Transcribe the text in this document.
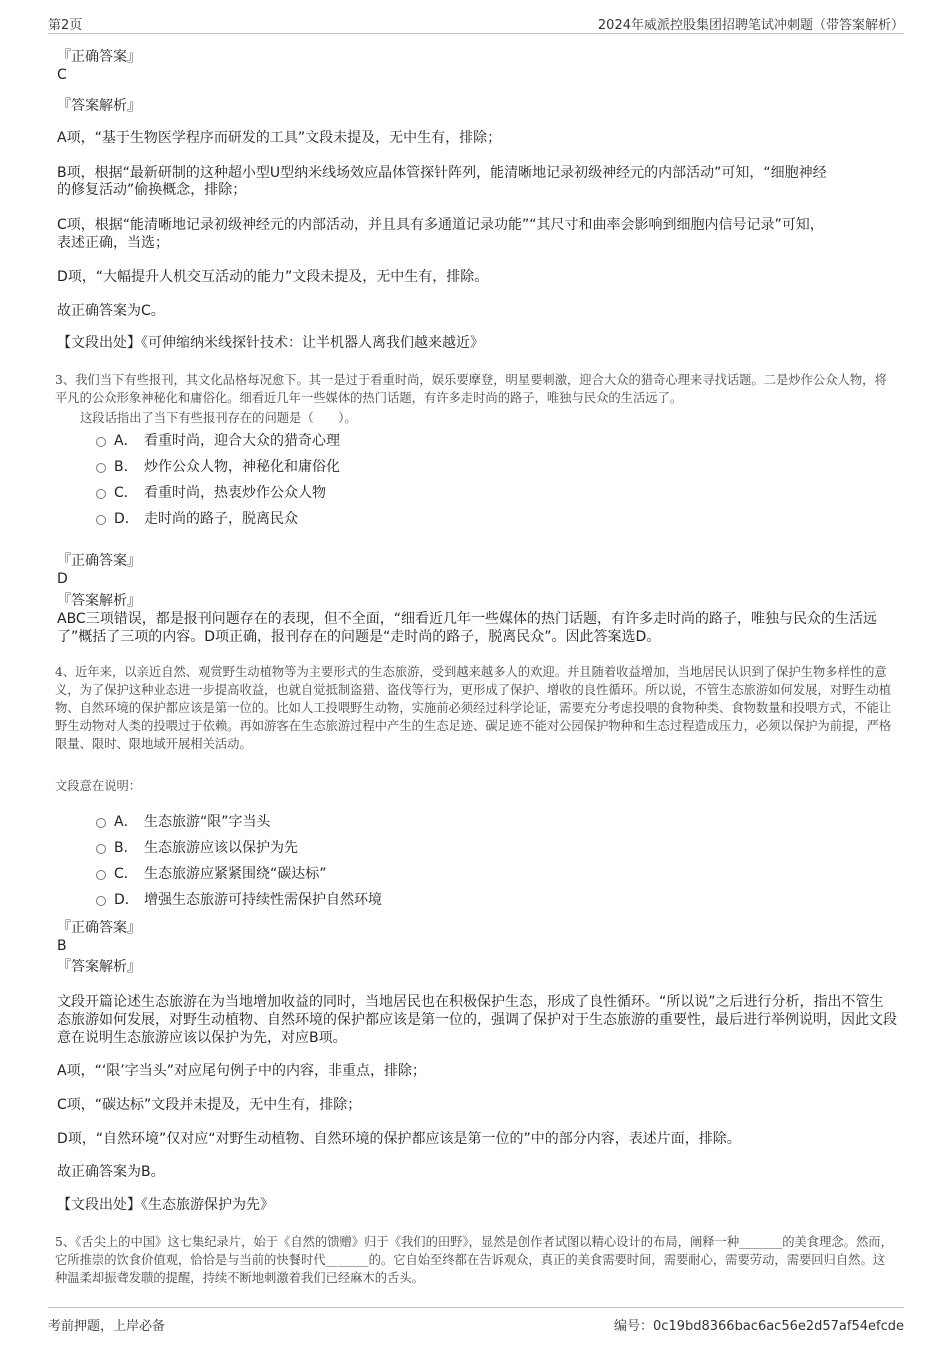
第2页	2024年威派控股集团招聘笔试冲刺题（带答案解析）
『正确答案』
C
『答案解析』
A项，“基于生物医学程序而研发的工具”文段未提及，无中生有，排除；
B项，根据“最新研制的这种超小型U型纳米线场效应晶体管探针阵列，能清晰地记录初级神经元的内部活动”可知，“细胞神经
的修复活动”偷换概念，排除；
C项，根据“能清晰地记录初级神经元的内部活动，并且具有多通道记录功能”“其尺寸和曲率会影响到细胞内信号记录”可知，
表述正确，当选；
D项，“大幅提升人机交互活动的能力”文段未提及，无中生有，排除。
故正确答案为C。
【文段出处】《可伸缩纳米线探针技术：让半机器人离我们越来越近》
3、我们当下有些报刊，其文化品格每况愈下。其一是过于看重时尚，娱乐要摩登，明星要刺激，迎合大众的猎奇心理来寻找话题。二是炒作公众人物，将平凡的公众形象神秘化和庸俗化。细看近几年一些媒体的热门话题，有许多走时尚的路子，唯独与民众的生活远了。
这段话指出了当下有些报刊存在的问题是（　　）。
A． 看重时尚，迎合大众的猎奇心理
B． 炒作公众人物，神秘化和庸俗化
C． 看重时尚，热衷炒作公众人物
D． 走时尚的路子，脱离民众
『正确答案』
D
『答案解析』
ABC三项错误，都是报刊问题存在的表现，但不全面，“细看近几年一些媒体的热门话题，有许多走时尚的路子，唯独与民众的生活远了”概括了三项的内容。D项正确，报刊存在的问题是“走时尚的路子，脱离民众”。因此答案选D。
4、近年来，以亲近自然、观赏野生动植物等为主要形式的生态旅游，受到越来越多人的欢迎。并且随着收益增加，当地居民认识到了保护生物多样性的意义，为了保护这种业态进一步提高收益，也就自觉抵制盗猎、盗伐等行为，更形成了保护、增收的良性循环。所以说，不管生态旅游如何发展，对野生动植物、自然环境的保护都应该是第一位的。比如人工投喂野生动物，实施前必须经过科学论证，需要充分考虑投喂的食物种类、食物数量和投喂方式，不能让野生动物对人类的投喂过于依赖。再如游客在生态旅游过程中产生的生态足迹、碳足迹不能对公园保护物种和生态过程造成压力，必须以保护为前提，严格限量、限时、限地域开展相关活动。
文段意在说明：
A． 生态旅游“限”字当头
B． 生态旅游应该以保护为先
C． 生态旅游应紧紧围绕“碳达标”
D． 增强生态旅游可持续性需保护自然环境
『正确答案』
B
『答案解析』
文段开篇论述生态旅游在为当地增加收益的同时，当地居民也在积极保护生态，形成了良性循环。“所以说”之后进行分析，指出不管生态旅游如何发展，对野生动植物、自然环境的保护都应该是第一位的，强调了保护对于生态旅游的重要性，最后进行举例说明，因此文段意在说明生态旅游应该以保护为先，对应B项。
A项，“‘限’字当头”对应尾句例子中的内容，非重点，排除；
C项，“碳达标”文段并未提及，无中生有，排除；
D项，“自然环境”仅对应“对野生动植物、自然环境的保护都应该是第一位的”中的部分内容，表述片面，排除。
故正确答案为B。
【文段出处】《生态旅游保护为先》
5、《舌尖上的中国》这七集纪录片，始于《自然的馈赠》归于《我们的田野》，显然是创作者试图以精心设计的布局，阐释一种_______的美食理念。然而，它所推崇的饮食价值观，恰恰是与当前的快餐时代_______的。它自始至终都在告诉观众，真正的美食需要时间，需要耐心，需要劳动，需要回归自然。这种温柔却振聋发聩的提醒，持续不断地刺激着我们已经麻木的舌头。
考前押题，上岸必备	编号：0c19bd8366bac6ac56e2d57af54efcde
